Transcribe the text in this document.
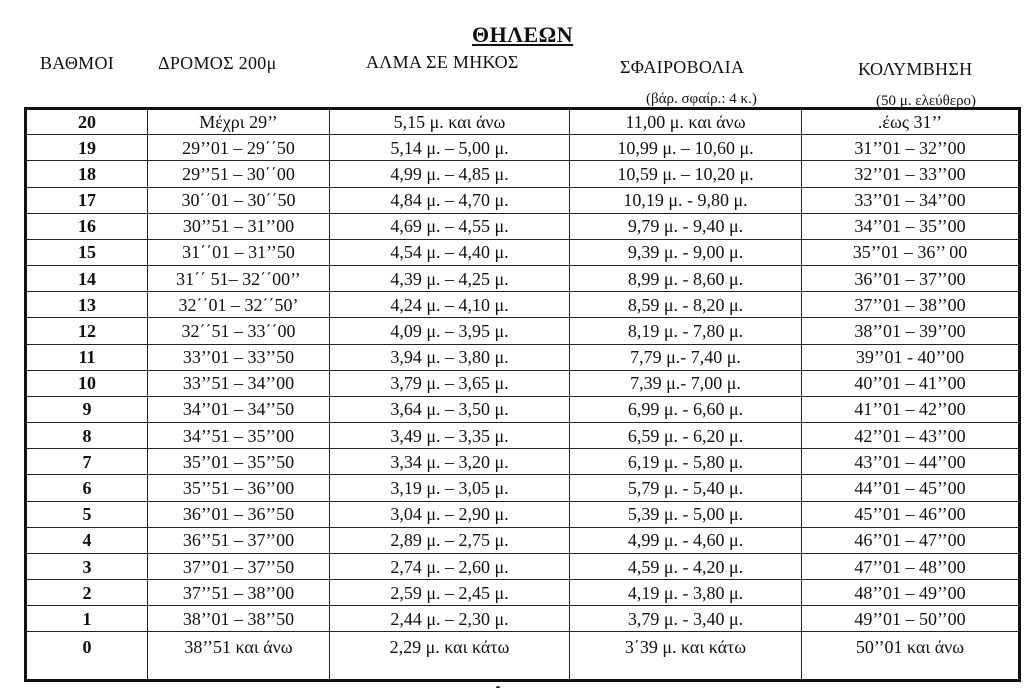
ΘΗΛΕΩΝ
ΒΑΘΜΟΙ ΔΡΟΜΟΣ 200μ	ΑΛΜΑ ΣΕ ΜΗΚΟΣ	ΣΦΑΙΡΟΒΟΛΙΑ	ΚΟΛΥΜΒΗΣΗ
(βάρ. σφαίρ.: 4 κ.)	(50 μ. ελεύθερο)
20	Μέχρι 29’’	5,15 μ. και άνω	11,00 μ. και άνω	.έως 31’’
19	29’’01 – 29΄΄50	5,14 μ. – 5,00 μ.	10,99 μ. – 10,60 μ.	31’’01 – 32’’00
18	29’’51 – 30΄΄00	4,99 μ. – 4,85 μ.	10,59 μ. – 10,20 μ.	32’’01 – 33’’00
17	30΄΄01 – 30΄΄50	4,84 μ. – 4,70 μ.	10,19 μ. - 9,80 μ.	33’’01 – 34’’00
16	30’’51 – 31’’00	4,69 μ. – 4,55 μ.	9,79 μ. - 9,40 μ.	34’’01 – 35’’00
15	31΄΄01 – 31’’50	4,54 μ. – 4,40 μ.	9,39 μ. - 9,00 μ.	35’’01 – 36’’ 00
14	31΄΄ 51– 32΄΄00’’	4,39 μ. – 4,25 μ.	8,99 μ. - 8,60 μ.	36’’01 – 37’’00
13	32΄΄01 – 32΄΄50’	4,24 μ. – 4,10 μ.	8,59 μ. - 8,20 μ.	37’’01 – 38’’00
12	32΄΄51 – 33΄΄00	4,09 μ. – 3,95 μ.	8,19 μ. - 7,80 μ.	38’’01 – 39’’00
11	33’’01 – 33’’50	3,94 μ. – 3,80 μ.	7,79 μ.- 7,40 μ.	39’’01 - 40’’00
10	33’’51 – 34’’00	3,79 μ. – 3,65 μ.	7,39 μ.- 7,00 μ.	40’’01 – 41’’00
9	34’’01 – 34’’50	3,64 μ. – 3,50 μ.	6,99 μ. - 6,60 μ.	41’’01 – 42’’00
8	34’’51 – 35’’00	3,49 μ. – 3,35 μ.	6,59 μ. - 6,20 μ.	42’’01 – 43’’00
7	35’’01 – 35’’50	3,34 μ. – 3,20 μ.	6,19 μ. - 5,80 μ.	43’’01 – 44’’00
6	35’’51 – 36’’00	3,19 μ. – 3,05 μ.	5,79 μ. - 5,40 μ.	44’’01 – 45’’00
5	36’’01 – 36’’50	3,04 μ. – 2,90 μ.	5,39 μ. - 5,00 μ.	45’’01 – 46’’00
4	36’’51 – 37’’00	2,89 μ. – 2,75 μ.	4,99 μ. - 4,60 μ.	46’’01 – 47’’00
3	37’’01 – 37’’50	2,74 μ. – 2,60 μ.	4,59 μ. - 4,20 μ.	47’’01 – 48’’00
2	37’’51 – 38’’00	2,59 μ. – 2,45 μ.	4,19 μ. - 3,80 μ.	48’’01 – 49’’00
1	38’’01 – 38’’50	2,44 μ. – 2,30 μ.	3,79 μ. - 3,40 μ.	49’’01 – 50’’00
0	38’’51 και άνω	2,29 μ. και κάτω	3΄39 μ. και κάτω	50’’01 και άνω
